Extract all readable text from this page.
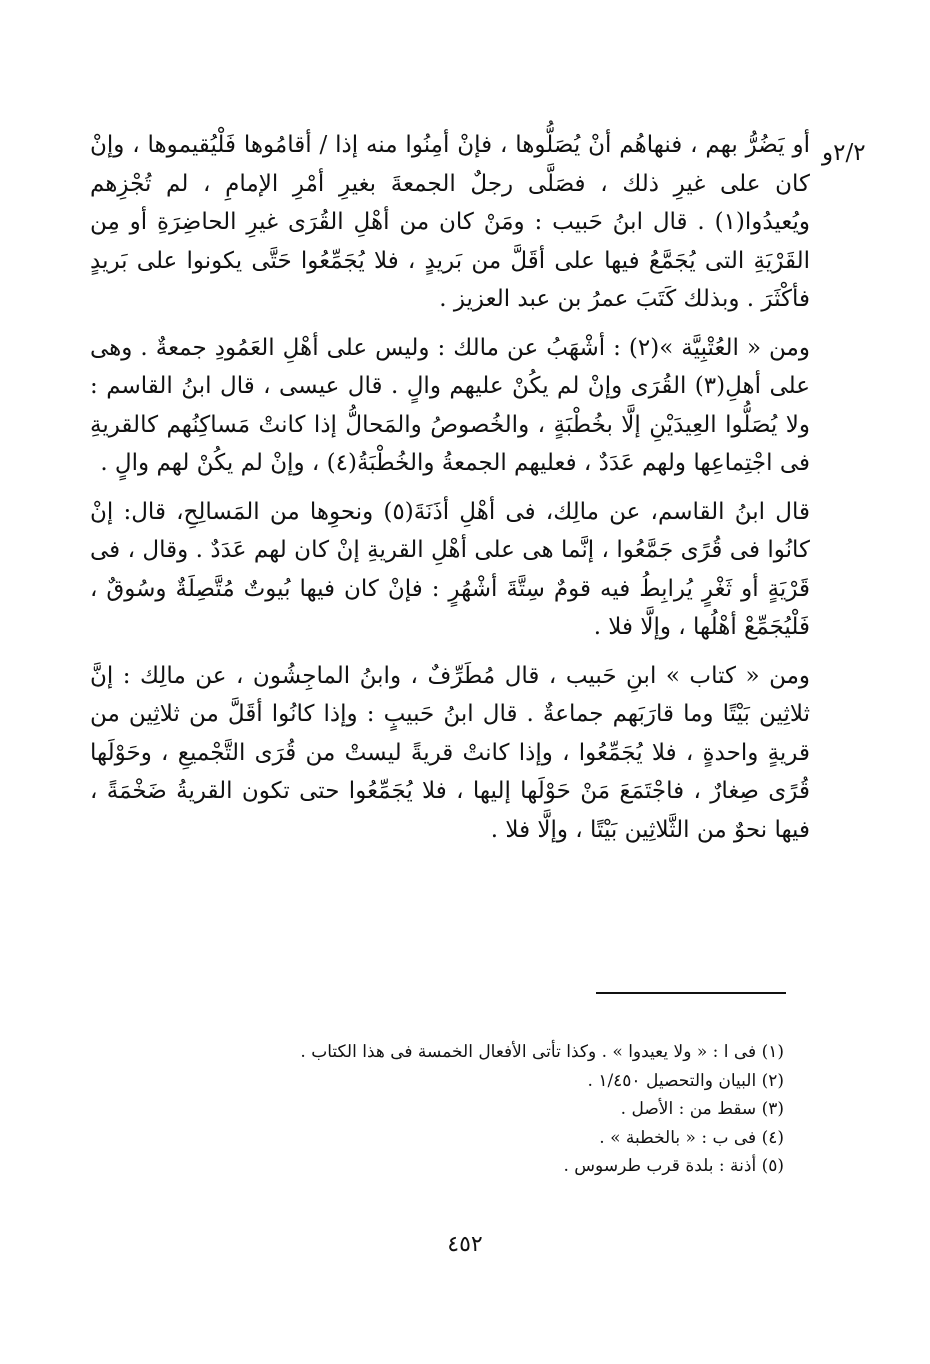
٢/٢و

أو يَضُرُّ بهم ، فنهاهُم أنْ يُصَلُّوها ، فإنْ أمِنُوا منه إذا / أقامُوها فَلْيُقيموها ، وإنْ كان على غيرِ ذلك ، فصَلَّى رجلٌ الجمعةَ بغيرِ أمْرِ الإمامِ ، لم تُجْزِهم ويُعيدُوا(١) . قال ابنُ حَبيب : ومَنْ كان من أهْلِ القُرَى غيرِ الحاضِرَةِ أو مِن القَرْيَةِ التى يُجَمَّعُ فيها على أقَلَّ من بَريدٍ ، فلا يُجَمِّعُوا حَتَّى يكونوا على بَريدٍ فأكْثَرَ . وبذلك كَتَبَ عمرُ بن عبد العزيز .

ومن « العُتْبِيَّة »(٢) : أشْهَبُ عن مالك : وليس على أهْلِ العَمُودِ جمعةٌ . وهى على أهلِ(٣) القُرَى وإنْ لم يكُنْ عليهم والٍ . قال عيسى ، قال ابنُ القاسم : ولا يُصَلُّوا العِيدَيْنِ إلَّا بخُطْبَةٍ ، والخُصوصُ والمَحالُّ إذا كانتْ مَساكِنُهم كالقريةِ فى اجْتِماعِها ولهم عَدَدٌ ، فعليهم الجمعةُ والخُطْبَةُ(٤) ، وإنْ لم يكُنْ لهم والٍ .

قال ابنُ القاسم، عن مالِك، فى أهْلِ أذَنَةَ(٥) ونحوِها من المَسالِحِ، قال: إنْ كانُوا فى قُرًى جَمَّعُوا ، إنَّما هى على أهْلِ القريةِ إنْ كان لهم عَدَدٌ . وقال ، فى قَرْيَةٍ أو ثَغْرٍ يُرابِطُ فيه قومٌ سِتَّةَ أشْهُرٍ : فإنْ كان فيها بُيوتٌ مُتَّصِلَةٌ وسُوقٌ ، فَلْيُجَمِّعْ أهْلُها ، وإلَّا فلا .

ومن « كتاب » ابنِ حَبيب ، قال مُطَرِّفٌ ، وابنُ الماجِشُون ، عن مالِك : إنَّ ثلاثِين بَيْتًا وما قارَبَهم جماعةٌ . قال ابنُ حَبيبٍ : وإذا كانُوا أقَلَّ من ثلاثِين من قريةٍ واحدةٍ ، فلا يُجَمِّعُوا ، وإذا كانتْ قريةً ليستْ من قُرَى التَّجْميعِ ، وحَوْلَها قُرًى صِغارٌ ، فاجْتَمَعَ مَنْ حَوْلَها إليها ، فلا يُجَمِّعُوا حتى تكون القريةُ ضَخْمَةً ، فيها نحوٌ من الثَّلاثِين بَيْتًا ، وإلَّا فلا .

(١) فى ا : « ولا يعيدوا » . وكذا تأتى الأفعال الخمسة فى هذا الكتاب .

(٢) البيان والتحصيل ١/٤٥٠ .

(٣) سقط من : الأصل .

(٤) فى ب : « بالخطبة » .

(٥) أذنة : بلدة قرب طرسوس .

٤٥٢
